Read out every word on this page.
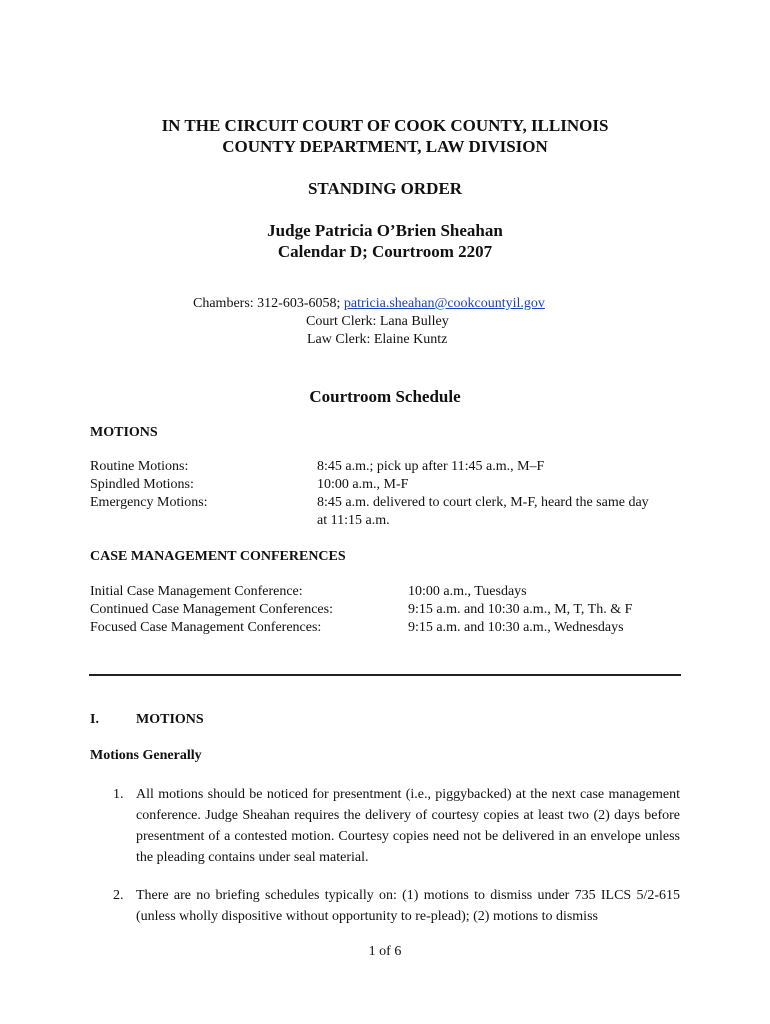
IN THE CIRCUIT COURT OF COOK COUNTY, ILLINOIS
COUNTY DEPARTMENT, LAW DIVISION
STANDING ORDER
Judge Patricia O’Brien Sheahan
Calendar D; Courtroom 2207
Chambers: 312-603-6058; patricia.sheahan@cookcountyil.gov
Court Clerk: Lana Bulley
Law Clerk: Elaine Kuntz
Courtroom Schedule
MOTIONS
Routine Motions:	8:45 a.m.; pick up after 11:45 a.m., M–F
Spindled Motions:	10:00 a.m., M-F
Emergency Motions:	8:45 a.m. delivered to court clerk, M-F, heard the same day
at 11:15 a.m.
CASE MANAGEMENT CONFERENCES
Initial Case Management Conference:	10:00 a.m., Tuesdays
Continued Case Management Conferences:	9:15 a.m. and 10:30 a.m., M, T, Th. & F
Focused Case Management Conferences:	9:15 a.m. and 10:30 a.m., Wednesdays
I.	MOTIONS
Motions Generally
1. All motions should be noticed for presentment (i.e., piggybacked) at the next case management conference. Judge Sheahan requires the delivery of courtesy copies at least two (2) days before presentment of a contested motion. Courtesy copies need not be delivered in an envelope unless the pleading contains under seal material.
2. There are no briefing schedules typically on: (1) motions to dismiss under 735 ILCS 5/2-615 (unless wholly dispositive without opportunity to re-plead); (2) motions to dismiss
1 of 6
